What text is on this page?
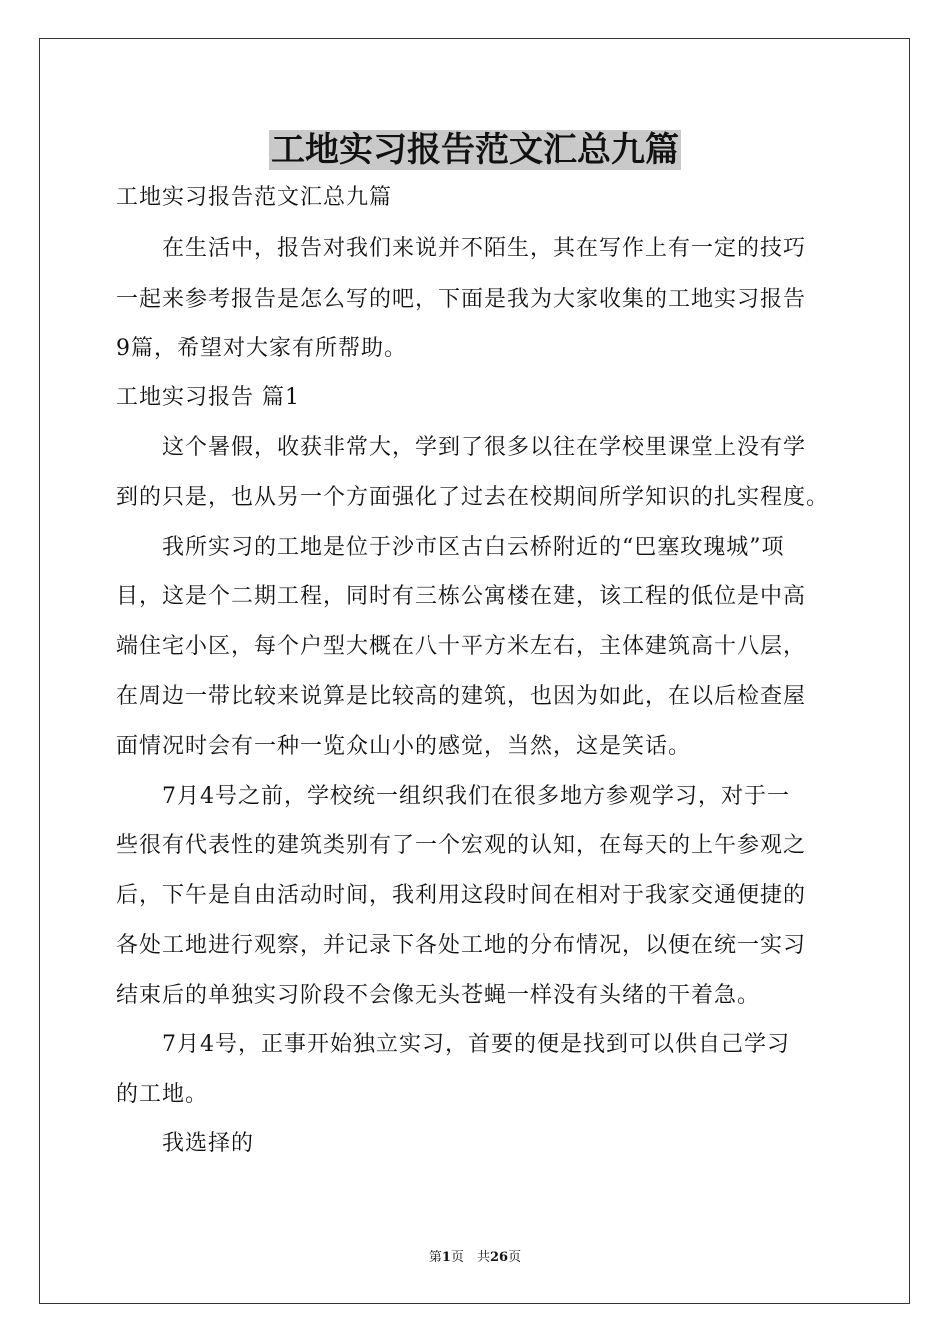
工地实习报告范文汇总九篇
工地实习报告范文汇总九篇
　　在生活中，报告对我们来说并不陌生，其在写作上有一定的技巧
一起来参考报告是怎么写的吧，下面是我为大家收集的工地实习报告
9篇，希望对大家有所帮助。
工地实习报告 篇1
　　这个暑假，收获非常大，学到了很多以往在学校里课堂上没有学
到的只是，也从另一个方面强化了过去在校期间所学知识的扎实程度。
　　我所实习的工地是位于沙市区古白云桥附近的“巴塞玫瑰城”项
目，这是个二期工程，同时有三栋公寓楼在建，该工程的低位是中高
端住宅小区，每个户型大概在八十平方米左右，主体建筑高十八层，
在周边一带比较来说算是比较高的建筑，也因为如此，在以后检查屋
面情况时会有一种一览众山小的感觉，当然，这是笑话。
　　7月4号之前，学校统一组织我们在很多地方参观学习，对于一
些很有代表性的建筑类别有了一个宏观的认知，在每天的上午参观之
后，下午是自由活动时间，我利用这段时间在相对于我家交通便捷的
各处工地进行观察，并记录下各处工地的分布情况，以便在统一实习
结束后的单独实习阶段不会像无头苍蝇一样没有头绪的干着急。
　　7月4号，正事开始独立实习，首要的便是找到可以供自己学习
的工地。
　　我选择的
第1页　共26页
